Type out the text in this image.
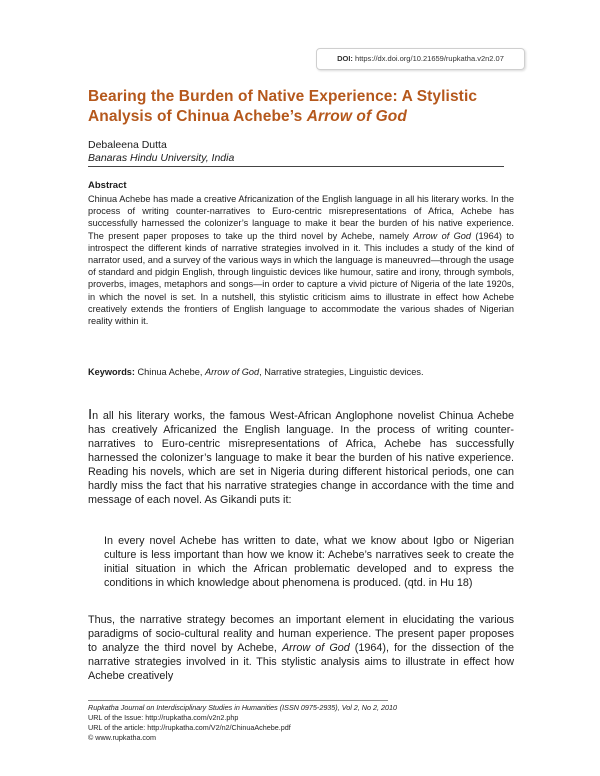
DOI: https://dx.doi.org/10.21659/rupkatha.v2n2.07
Bearing the Burden of Native Experience: A Stylistic Analysis of Chinua Achebe’s Arrow of God
Debaleena Dutta
Banaras Hindu University, India
Abstract
Chinua Achebe has made a creative Africanization of the English language in all his literary works. In the process of writing counter-narratives to Euro-centric misrepresentations of Africa, Achebe has successfully harnessed the colonizer’s language to make it bear the burden of his native experience. The present paper proposes to take up the third novel by Achebe, namely Arrow of God (1964) to introspect the different kinds of narrative strategies involved in it. This includes a study of the kind of narrator used, and a survey of the various ways in which the language is maneuvred—through the usage of standard and pidgin English, through linguistic devices like humour, satire and irony, through symbols, proverbs, images, metaphors and songs—in order to capture a vivid picture of Nigeria of the late 1920s, in which the novel is set. In a nutshell, this stylistic criticism aims to illustrate in effect how Achebe creatively extends the frontiers of English language to accommodate the various shades of Nigerian reality within it.
Keywords: Chinua Achebe, Arrow of God, Narrative strategies, Linguistic devices.
In all his literary works, the famous West-African Anglophone novelist Chinua Achebe has creatively Africanized the English language. In the process of writing counter-narratives to Euro-centric misrepresentations of Africa, Achebe has successfully harnessed the colonizer’s language to make it bear the burden of his native experience. Reading his novels, which are set in Nigeria during different historical periods, one can hardly miss the fact that his narrative strategies change in accordance with the time and message of each novel. As Gikandi puts it:
In every novel Achebe has written to date, what we know about Igbo or Nigerian culture is less important than how we know it: Achebe’s narratives seek to create the initial situation in which the African problematic developed and to express the conditions in which knowledge about phenomena is produced. (qtd. in Hu 18)
Thus, the narrative strategy becomes an important element in elucidating the various paradigms of socio-cultural reality and human experience. The present paper proposes to analyze the third novel by Achebe, Arrow of God (1964), for the dissection of the narrative strategies involved in it. This stylistic analysis aims to illustrate in effect how Achebe creatively
Rupkatha Journal on Interdisciplinary Studies in Humanities (ISSN 0975-2935), Vol 2, No 2, 2010
URL of the Issue: http://rupkatha.com/v2n2.php
URL of the article: http://rupkatha.com/V2/n2/ChinuaAchebe.pdf
© www.rupkatha.com
